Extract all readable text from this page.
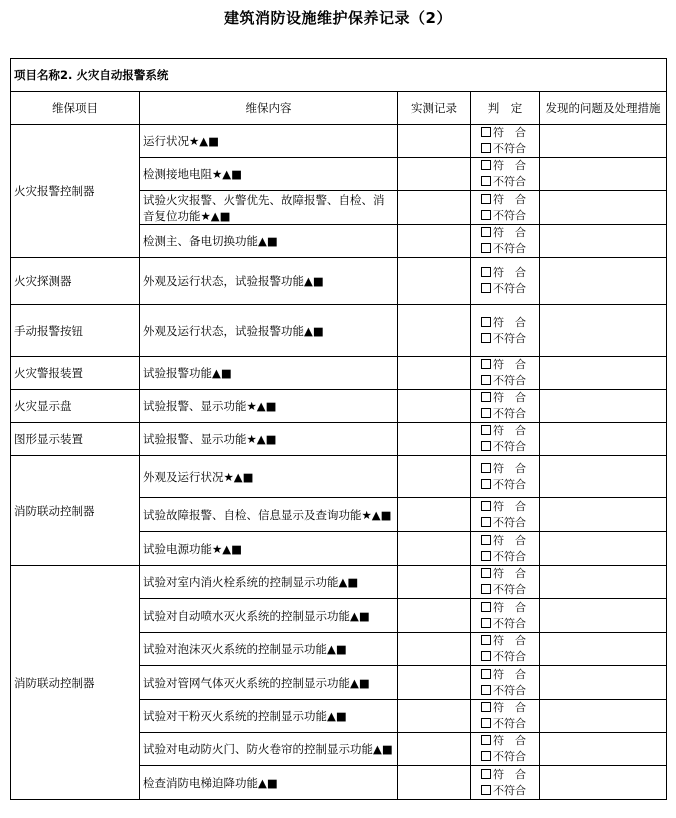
建筑消防设施维护保养记录（2）
项目名称2. 火灾自动报警系统				
维保项目	维保内容	实测记录	判　定	发现的问题及处理措施
火灾报警控制器	运行状况★▲■		符　合
不符合	

	检测接地电阻★▲■		符　合
不符合	

	试验火灾报警、火警优先、故障报警、自检、消音复位功能★▲■		符　合
不符合	

	检测主、备电切换功能▲■		符　合
不符合	

火灾探测器	外观及运行状态，试验报警功能▲■		符　合
不符合	

手动报警按钮	外观及运行状态，试验报警功能▲■		符　合
不符合	

火灾警报装置	试验报警功能▲■		符　合
不符合	

火灾显示盘	试验报警、显示功能★▲■		符　合
不符合	

图形显示装置	试验报警、显示功能★▲■		符　合
不符合	

消防联动控制器	外观及运行状况★▲■		符　合
不符合	

	试验故障报警、自检、信息显示及查询功能★▲■		符　合
不符合	

	试验电源功能★▲■		符　合
不符合	

消防联动控制器	试验对室内消火栓系统的控制显示功能▲■		符　合
不符合	

	试验对自动喷水灭火系统的控制显示功能▲■		符　合
不符合	

	试验对泡沫灭火系统的控制显示功能▲■		符　合
不符合	

	试验对管网气体灭火系统的控制显示功能▲■		符　合
不符合	

	试验对干粉灭火系统的控制显示功能▲■		符　合
不符合	

	试验对电动防火门、防火卷帘的控制显示功能▲■		符　合
不符合	

	检查消防电梯迫降功能▲■		符　合
不符合	
